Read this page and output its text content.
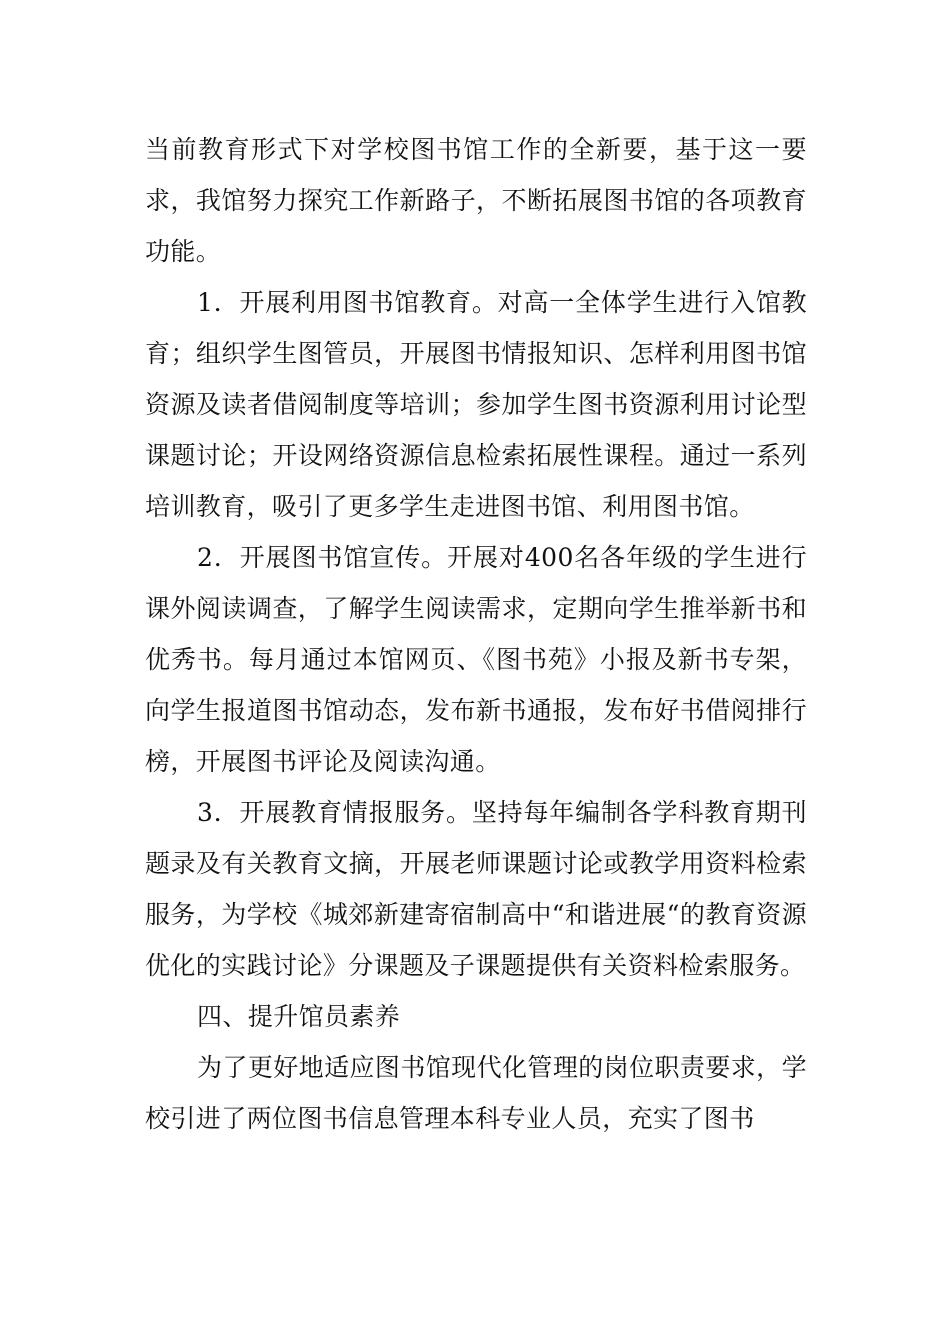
当前教育形式下对学校图书馆工作的全新要，基于这一要求，我馆努力探究工作新路子，不断拓展图书馆的各项教育功能。

1．开展利用图书馆教育。对高一全体学生进行入馆教育；组织学生图管员，开展图书情报知识、怎样利用图书馆资源及读者借阅制度等培训；参加学生图书资源利用讨论型课题讨论；开设网络资源信息检索拓展性课程。通过一系列培训教育，吸引了更多学生走进图书馆、利用图书馆。

2．开展图书馆宣传。开展对400名各年级的学生进行课外阅读调查，了解学生阅读需求，定期向学生推举新书和优秀书。每月通过本馆网页、《图书苑》小报及新书专架，向学生报道图书馆动态，发布新书通报，发布好书借阅排行榜，开展图书评论及阅读沟通。

3．开展教育情报服务。坚持每年编制各学科教育期刊题录及有关教育文摘，开展老师课题讨论或教学用资料检索服务，为学校《城郊新建寄宿制高中“和谐进展“的教育资源优化的实践讨论》分课题及子课题提供有关资料检索服务。

四、提升馆员素养

为了更好地适应图书馆现代化管理的岗位职责要求，学校引进了两位图书信息管理本科专业人员，充实了图书
